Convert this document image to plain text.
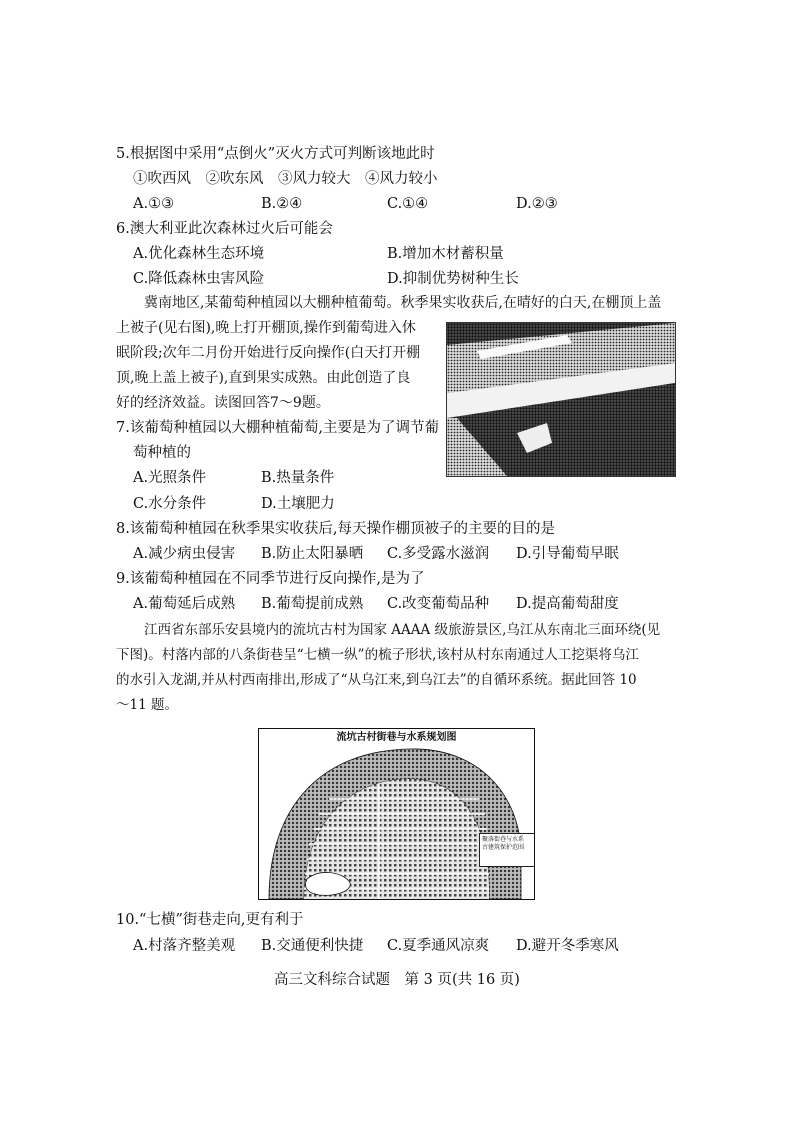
5.根据图中采用“点倒火”灭火方式可判断该地此时
①吹西风　②吹东风　③风力较大　④风力较小
A.①③	B.②④	C.①④	D.②③
6.澳大利亚此次森林过火后可能会
A.优化森林生态环境	B.增加木材蓄积量
C.降低森林虫害风险	D.抑制优势树种生长
冀南地区,某葡萄种植园以大棚种植葡萄。秋季果实收获后,在晴好的白天,在棚顶上盖
上被子(见右图),晚上打开棚顶,操作到葡萄进入休
眠阶段;次年二月份开始进行反向操作(白天打开棚
顶,晚上盖上被子),直到果实成熟。由此创造了良
好的经济效益。读图回答7～9题。
7.该葡萄种植园以大棚种植葡萄,主要是为了调节葡
萄种植的
A.光照条件	B.热量条件
C.水分条件	D.土壤肥力
8.该葡萄种植园在秋季果实收获后,每天操作棚顶被子的主要的目的是
A.减少病虫侵害 B.防止太阳暴晒 C.多受露水滋润 D.引导葡萄早眠
9.该葡萄种植园在不同季节进行反向操作,是为了
A.葡萄延后成熟 B.葡萄提前成熟 C.改变葡萄品种 D.提高葡萄甜度
江西省东部乐安县境内的流坑古村为国家 AAAA 级旅游景区,乌江从东南北三面环绕(见
下图)。村落内部的八条街巷呈“七横一纵”的梳子形状,该村从村东南通过人工挖渠将乌江
的水引入龙湖,并从村西南排出,形成了“从乌江来,到乌江去”的自循环系统。据此回答 10
～11 题。
流坑古村街巷与水系规划图
聚落街巷与水系
古建筑保护范围
10.“七横”街巷走向,更有利于
A.村落齐整美观 B.交通便利快捷 C.夏季通风凉爽 D.避开冬季寒风
高三文科综合试题　第 3 页(共 16 页)
